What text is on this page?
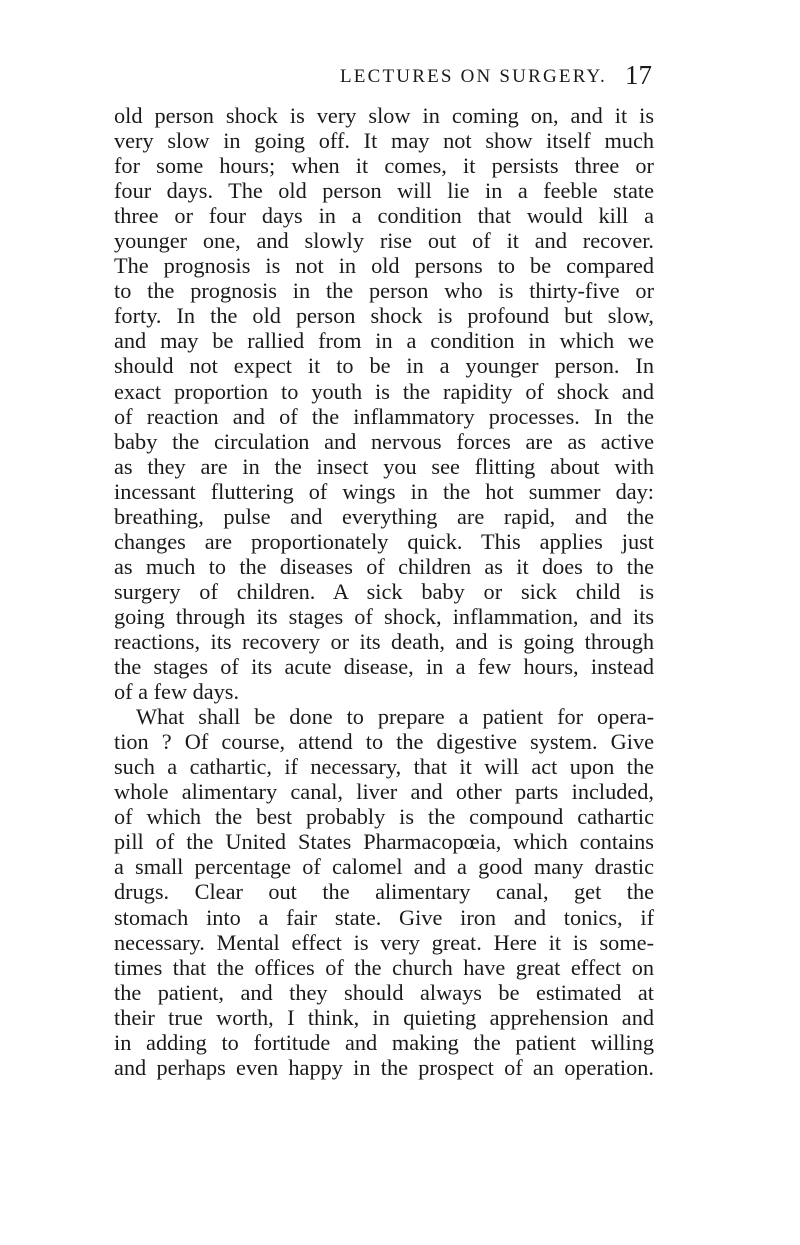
LECTURES ON SURGERY. 17
old person shock is very slow in coming on, and it is
very slow in going off. It may not show itself much
for some hours; when it comes, it persists three or
four days. The old person will lie in a feeble state
three or four days in a condition that would kill a
younger one, and slowly rise out of it and recover.
The prognosis is not in old persons to be compared
to the prognosis in the person who is thirty-five or
forty. In the old person shock is profound but slow,
and may be rallied from in a condition in which we
should not expect it to be in a younger person. In
exact proportion to youth is the rapidity of shock and
of reaction and of the inflammatory processes. In the
baby the circulation and nervous forces are as active
as they are in the insect you see flitting about with
incessant fluttering of wings in the hot summer day:
breathing, pulse and everything are rapid, and the
changes are proportionately quick. This applies just
as much to the diseases of children as it does to the
surgery of children. A sick baby or sick child is
going through its stages of shock, inflammation, and its
reactions, its recovery or its death, and is going through
the stages of its acute disease, in a few hours, instead
of a few days.
What shall be done to prepare a patient for opera-
tion ? Of course, attend to the digestive system. Give
such a cathartic, if necessary, that it will act upon the
whole alimentary canal, liver and other parts included,
of which the best probably is the compound cathartic
pill of the United States Pharmacopœia, which contains
a small percentage of calomel and a good many drastic
drugs. Clear out the alimentary canal, get the
stomach into a fair state. Give iron and tonics, if
necessary. Mental effect is very great. Here it is some-
times that the offices of the church have great effect on
the patient, and they should always be estimated at
their true worth, I think, in quieting apprehension and
in adding to fortitude and making the patient willing
and perhaps even happy in the prospect of an operation.
